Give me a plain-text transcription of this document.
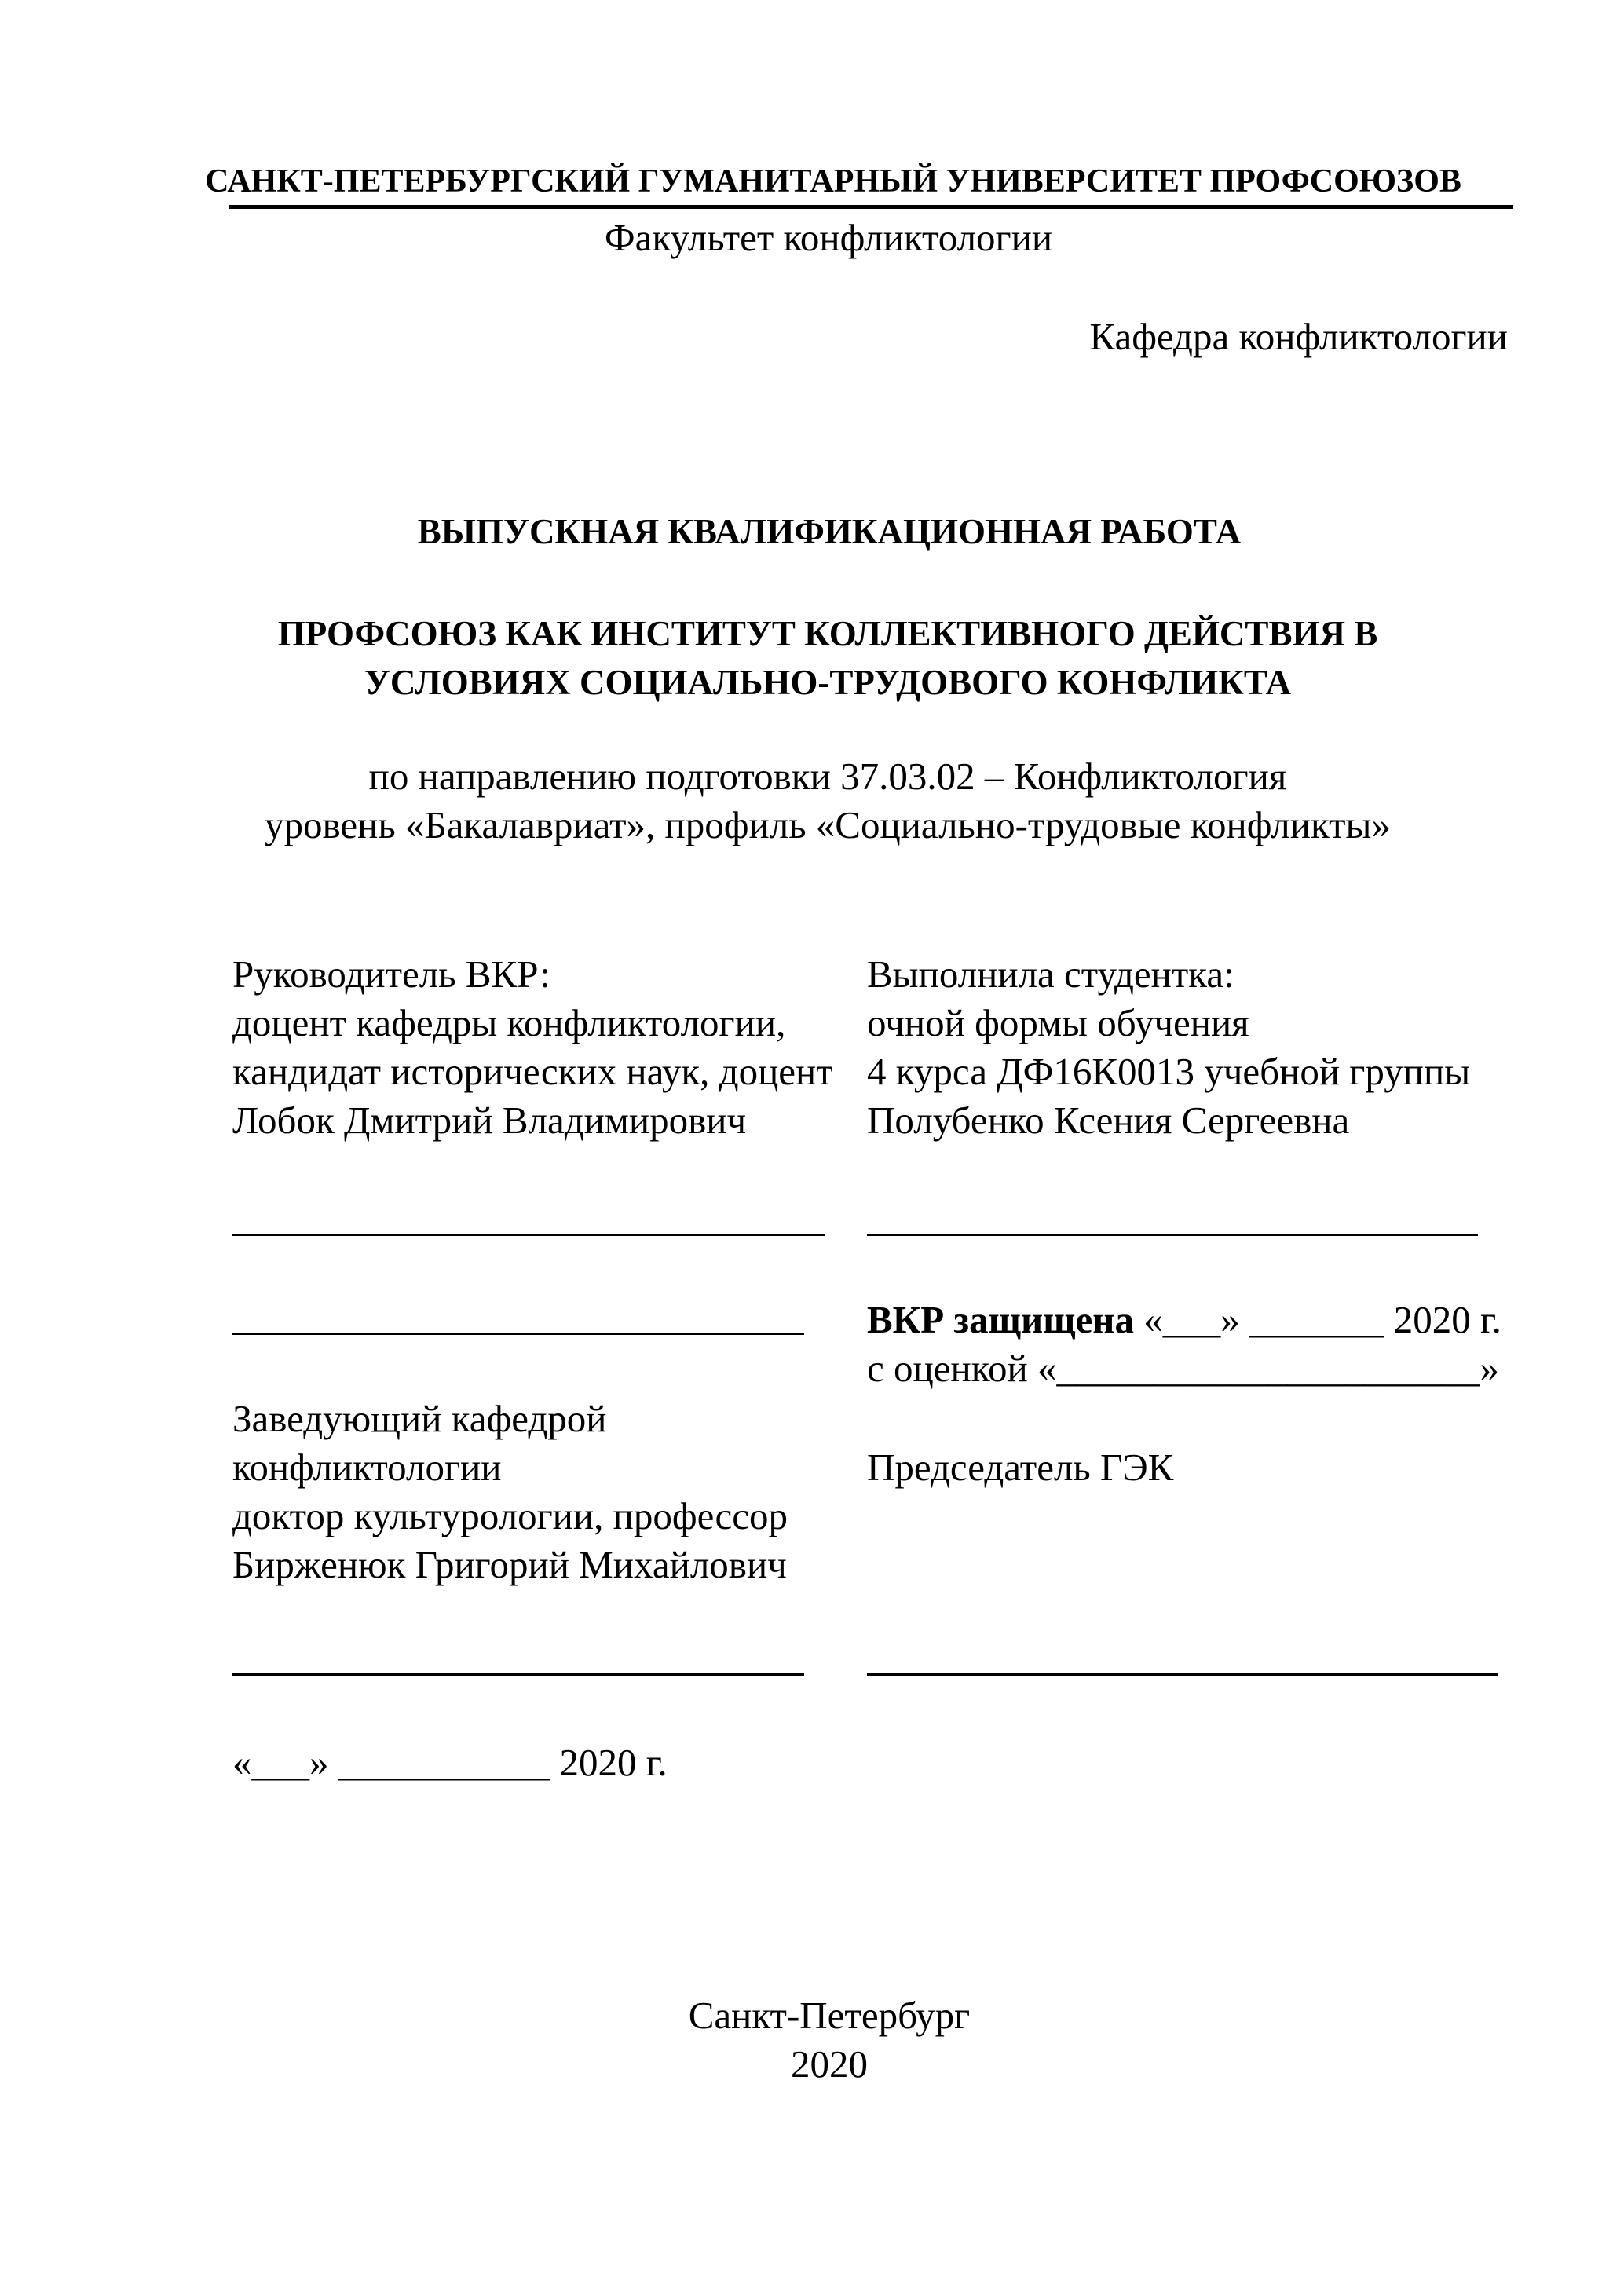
САНКТ-ПЕТЕРБУРГСКИЙ ГУМАНИТАРНЫЙ УНИВЕРСИТЕТ ПРОФСОЮЗОВ
Факультет конфликтологии
Кафедра конфликтологии
ВЫПУСКНАЯ КВАЛИФИКАЦИОННАЯ РАБОТА
ПРОФСОЮЗ КАК ИНСТИТУТ КОЛЛЕКТИВНОГО ДЕЙСТВИЯ В
УСЛОВИЯХ СОЦИАЛЬНО-ТРУДОВОГО КОНФЛИКТА
по направлению подготовки 37.03.02 – Конфликтология
уровень «Бакалавриат», профиль «Социально-трудовые конфликты»
Руководитель ВКР:
доцент кафедры конфликтологии,
кандидат исторических наук, доцент
Лобок Дмитрий Владимирович
Выполнила студентка:
очной формы обучения
4 курса ДФ16К0013 учебной группы
Полубенко Ксения Сергеевна
ВКР защищена «___» _______ 2020 г.
с оценкой «______________________»
Заведующий кафедрой
конфликтологии
доктор культурологии, профессор
Бирженюк Григорий Михайлович
Председатель ГЭК
«___» ___________ 2020 г.
Санкт-Петербург
2020
